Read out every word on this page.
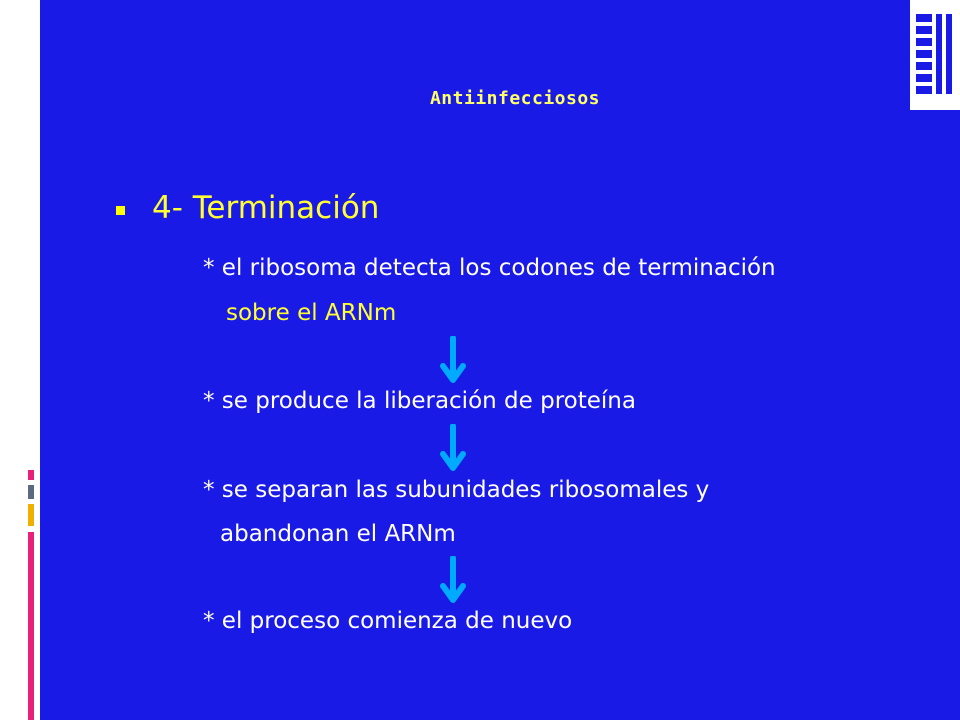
Antiinfecciosos
4- Terminación
* el ribosoma detecta los codones de terminación
sobre el ARNm
* se produce la liberación de proteína
* se separan las subunidades ribosomales y
abandonan el ARNm
* el proceso comienza de nuevo
